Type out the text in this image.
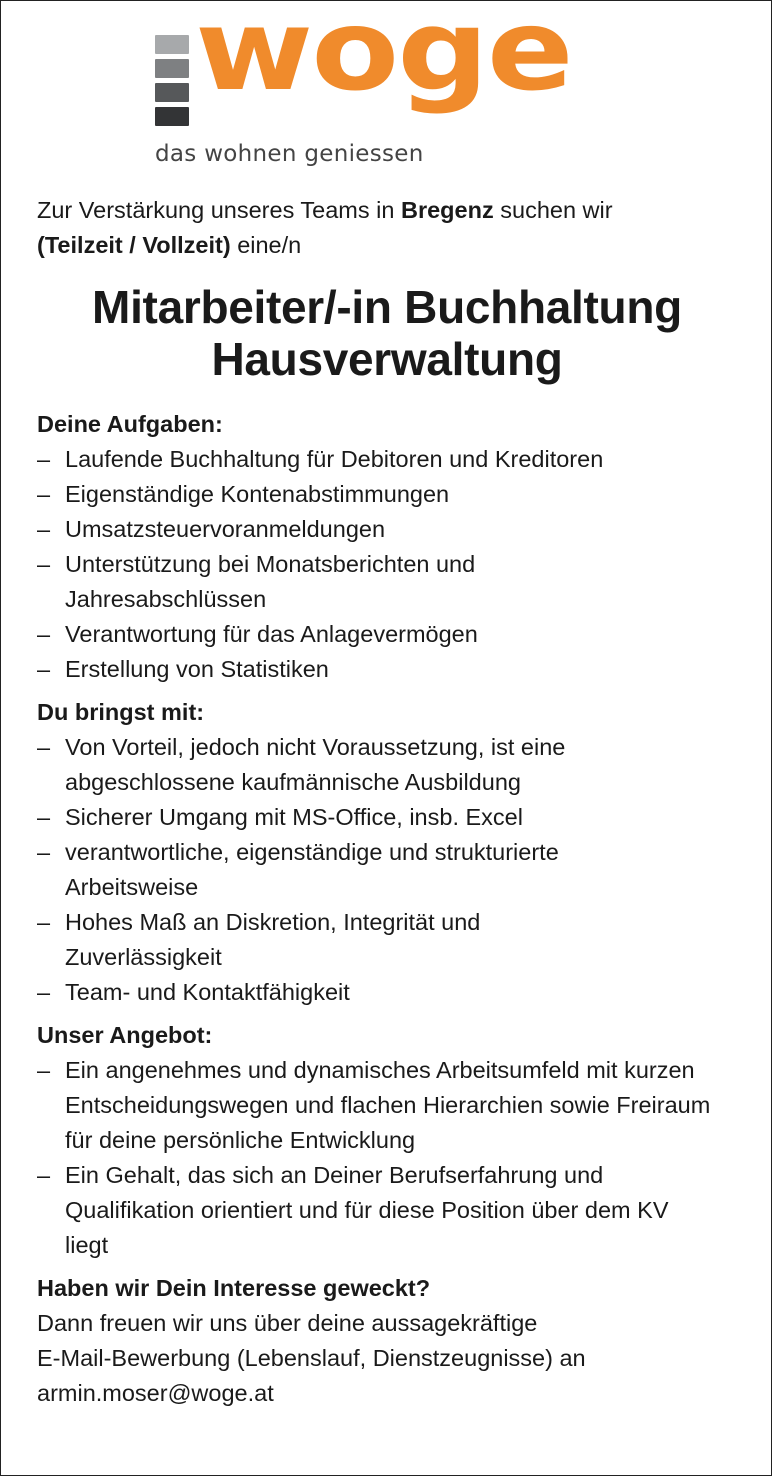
woge
das wohnen geniessen

Zur Verstärkung unseres Teams in Bregenz suchen wir
(Teilzeit / Vollzeit) eine/n

Mitarbeiter/-in Buchhaltung
Hausverwaltung
Deine Aufgaben:
– Laufende Buchhaltung für Debitoren und Kreditoren
– Eigenständige Kontenabstimmungen
– Umsatzsteuervoranmeldungen
– Unterstützung bei Monatsberichten und Jahresabschlüssen
– Verantwortung für das Anlagevermögen
– Erstellung von Statistiken
Du bringst mit:
– Von Vorteil, jedoch nicht Voraussetzung, ist eine abgeschlossene kaufmännische Ausbildung
– Sicherer Umgang mit MS-Office, insb. Excel
– verantwortliche, eigenständige und strukturierte Arbeitsweise
– Hohes Maß an Diskretion, Integrität und Zuverlässigkeit
– Team- und Kontaktfähigkeit
Unser Angebot:
– Ein angenehmes und dynamisches Arbeitsumfeld mit kurzen Entscheidungswegen und flachen Hierarchien sowie Freiraum für deine persönliche Entwicklung
– Ein Gehalt, das sich an Deiner Berufserfahrung und Qualifikation orientiert und für diese Position über dem KV liegt
Haben wir Dein Interesse geweckt?

Dann freuen wir uns über deine aussagekräftige

E-Mail-Bewerbung (Lebenslauf, Dienstzeugnisse) an

armin.moser@woge.at
